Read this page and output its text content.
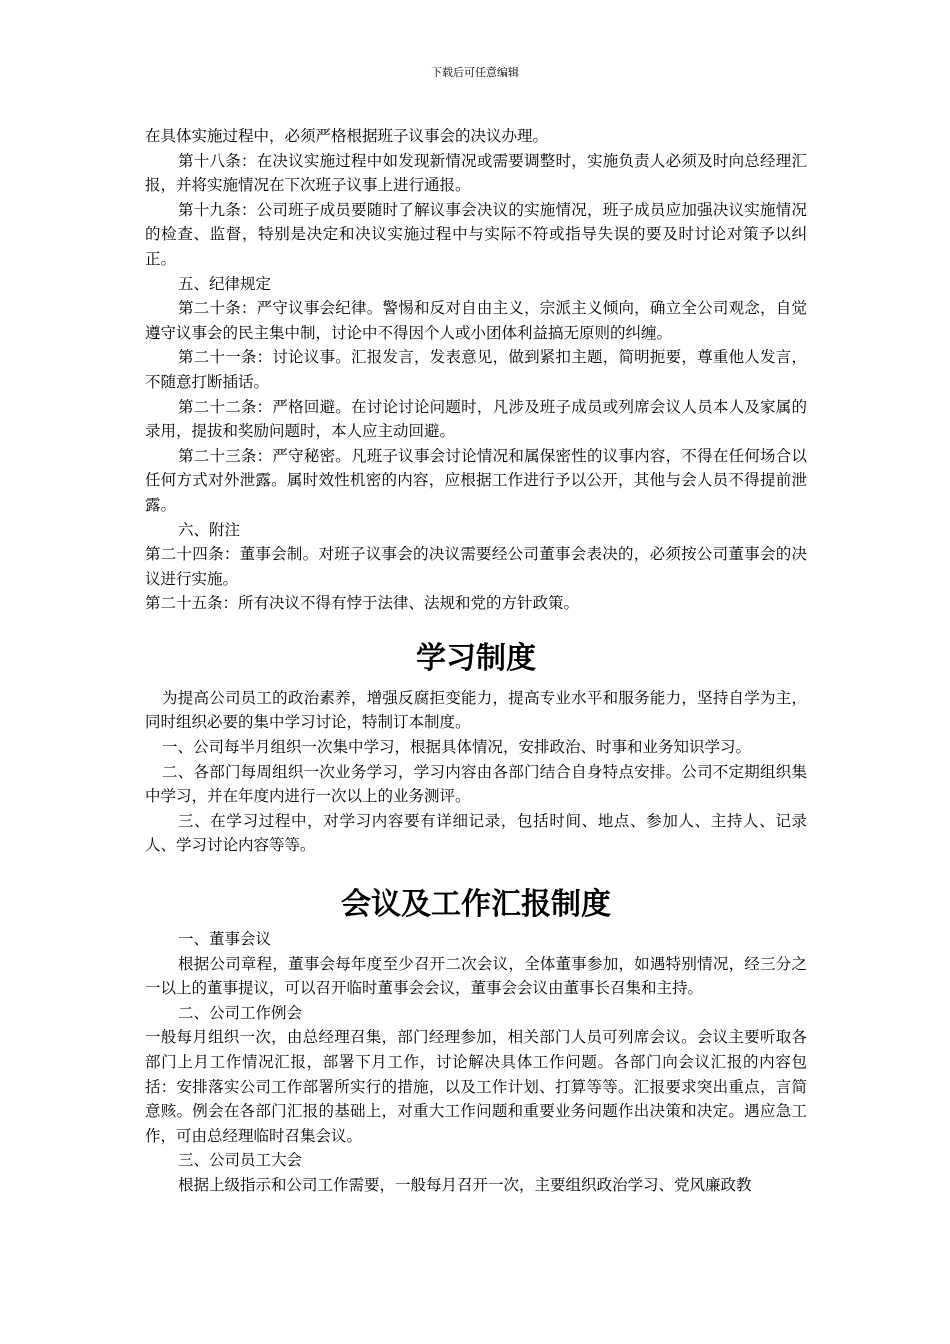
下载后可任意编辑

在具体实施过程中，必须严格根据班子议事会的决议办理。

第十八条：在决议实施过程中如发现新情况或需要调整时，实施负责人必须及时向总经理汇报，并将实施情况在下次班子议事上进行通报。

第十九条：公司班子成员要随时了解议事会决议的实施情况，班子成员应加强决议实施情况的检查、监督，特别是决定和决议实施过程中与实际不符或指导失误的要及时讨论对策予以纠正。

五、纪律规定

第二十条：严守议事会纪律。警惕和反对自由主义，宗派主义倾向，确立全公司观念，自觉遵守议事会的民主集中制，讨论中不得因个人或小团体利益搞无原则的纠缠。

第二十一条：讨论议事。汇报发言，发表意见，做到紧扣主题，简明扼要，尊重他人发言，不随意打断插话。

第二十二条：严格回避。在讨论讨论问题时，凡涉及班子成员或列席会议人员本人及家属的录用，提拔和奖励问题时，本人应主动回避。

第二十三条：严守秘密。凡班子议事会讨论情况和属保密性的议事内容，不得在任何场合以任何方式对外泄露。属时效性机密的内容，应根据工作进行予以公开，其他与会人员不得提前泄露。

六、附注

第二十四条：董事会制。对班子议事会的决议需要经公司董事会表决的，必须按公司董事会的决议进行实施。

第二十五条：所有决议不得有悖于法律、法规和党的方针政策。

学习制度

为提高公司员工的政治素养，增强反腐拒变能力，提高专业水平和服务能力，坚持自学为主，同时组织必要的集中学习讨论，特制订本制度。

一、公司每半月组织一次集中学习，根据具体情况，安排政治、时事和业务知识学习。

二、各部门每周组织一次业务学习，学习内容由各部门结合自身特点安排。公司不定期组织集中学习，并在年度内进行一次以上的业务测评。

三、在学习过程中，对学习内容要有详细记录，包括时间、地点、参加人、主持人、记录人、学习讨论内容等等。

会议及工作汇报制度

一、董事会议

根据公司章程，董事会每年度至少召开二次会议，全体董事参加，如遇特别情况，经三分之一以上的董事提议，可以召开临时董事会会议，董事会会议由董事长召集和主持。

二、公司工作例会

一般每月组织一次，由总经理召集，部门经理参加，相关部门人员可列席会议。会议主要听取各部门上月工作情况汇报，部署下月工作，讨论解决具体工作问题。各部门向会议汇报的内容包括：安排落实公司工作部署所实行的措施，以及工作计划、打算等等。汇报要求突出重点，言简意赅。例会在各部门汇报的基础上，对重大工作问题和重要业务问题作出决策和决定。遇应急工作，可由总经理临时召集会议。

三、公司员工大会

根据上级指示和公司工作需要，一般每月召开一次，主要组织政治学习、党风廉政教
